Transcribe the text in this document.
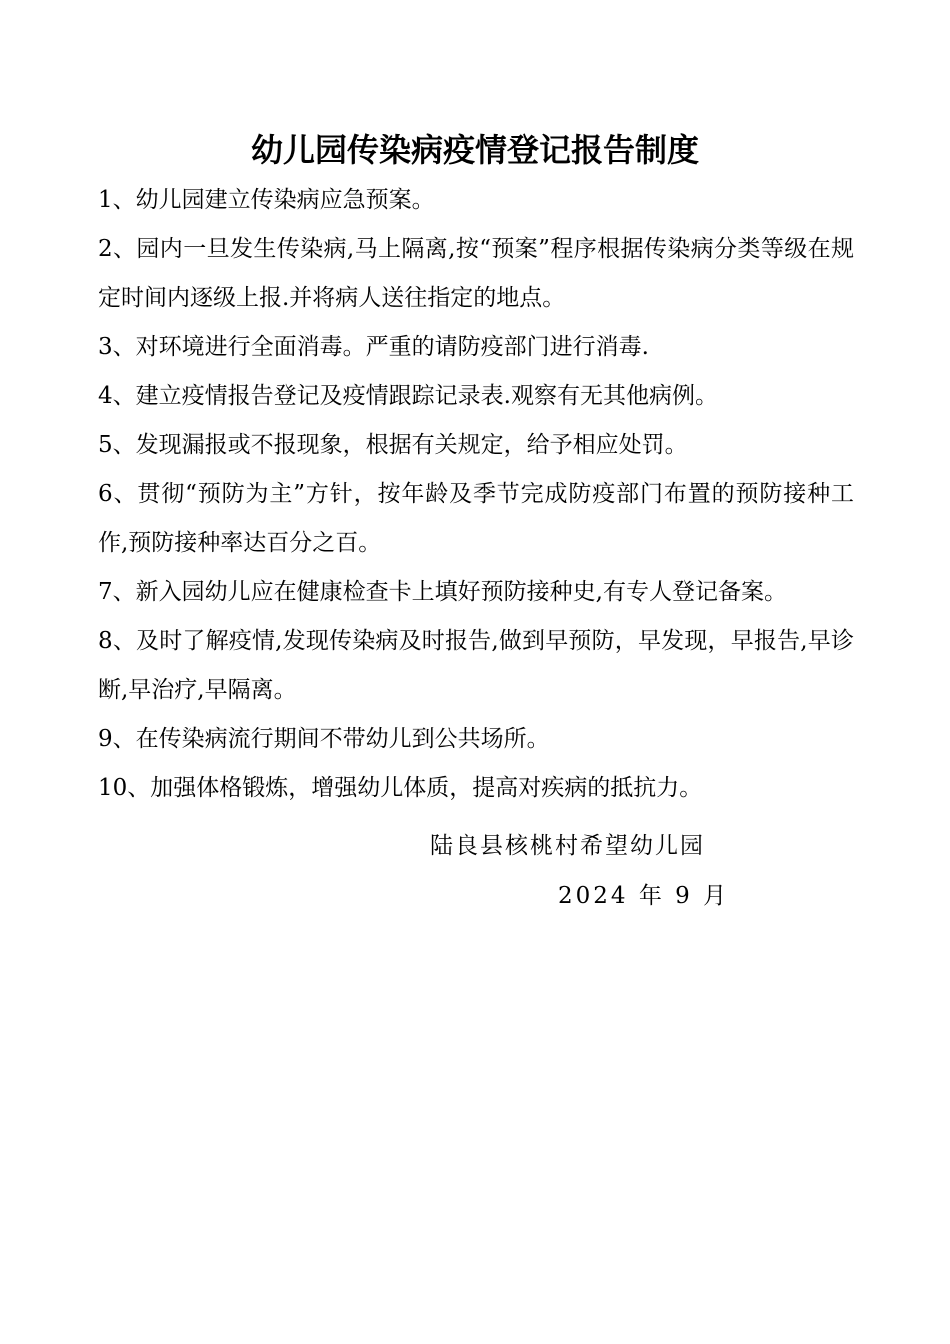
幼儿园传染病疫情登记报告制度

1、幼儿园建立传染病应急预案。

2、园内一旦发生传染病,马上隔离,按“预案”程序根据传染病分类等级在规定时间内逐级上报.并将病人送往指定的地点。

3、对环境进行全面消毒。严重的请防疫部门进行消毒.

4、建立疫情报告登记及疫情跟踪记录表.观察有无其他病例。

5、发现漏报或不报现象，根据有关规定，给予相应处罚。

6、贯彻“预防为主”方针，按年龄及季节完成防疫部门布置的预防接种工作,预防接种率达百分之百。

7、新入园幼儿应在健康检查卡上填好预防接种史,有专人登记备案。

8、及时了解疫情,发现传染病及时报告,做到早预防，早发现，早报告,早诊断,早治疗,早隔离。

9、在传染病流行期间不带幼儿到公共场所。

10、加强体格锻炼，增强幼儿体质，提高对疾病的抵抗力。

陆良县核桃村希望幼儿园
2024 年 9 月
